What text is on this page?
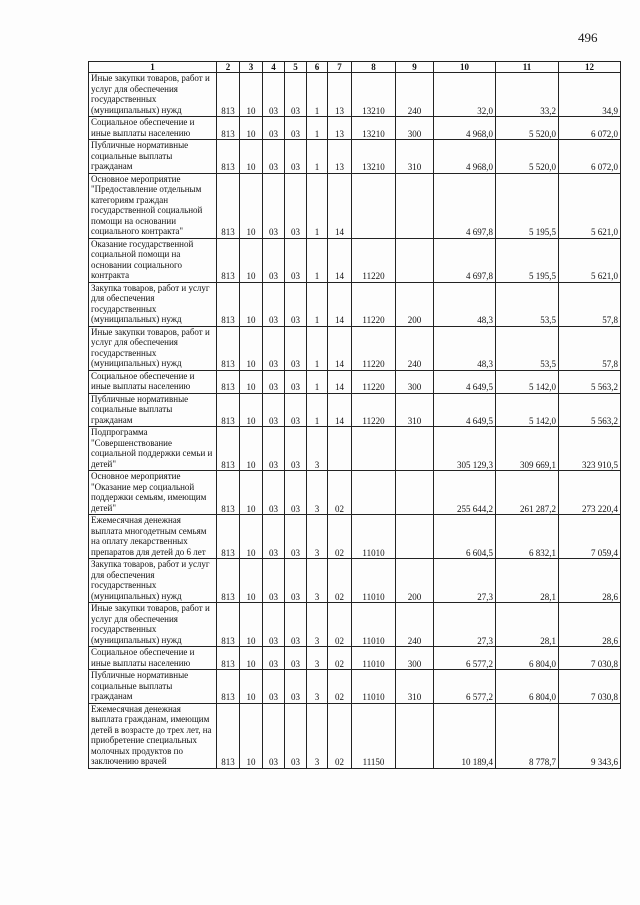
496
1	2	3	4	5	6	7	8	9	10	11	12
Иные закупки товаров, работ и услуг для обеспечения государственных (муниципальных) нужд	813	10	03	03	1	13	13210	240	32,0	33,2	34,9
Социальное обеспечение и иные выплаты населению	813	10	03	03	1	13	13210	300	4 968,0	5 520,0	6 072,0
Публичные нормативные социальные выплаты гражданам	813	10	03	03	1	13	13210	310	4 968,0	5 520,0	6 072,0
Основное мероприятие "Предоставление отдельным категориям граждан государственной социальной помощи на основании социального контракта"	813	10	03	03	1	14			4 697,8	5 195,5	5 621,0
Оказание государственной социальной помощи на основании социального контракта	813	10	03	03	1	14	11220		4 697,8	5 195,5	5 621,0
Закупка товаров, работ и услуг для обеспечения государственных (муниципальных) нужд	813	10	03	03	1	14	11220	200	48,3	53,5	57,8
Иные закупки товаров, работ и услуг для обеспечения государственных (муниципальных) нужд	813	10	03	03	1	14	11220	240	48,3	53,5	57,8
Социальное обеспечение и иные выплаты населению	813	10	03	03	1	14	11220	300	4 649,5	5 142,0	5 563,2
Публичные нормативные социальные выплаты гражданам	813	10	03	03	1	14	11220	310	4 649,5	5 142,0	5 563,2
Подпрограмма "Совершенствование социальной поддержки семьи и детей"	813	10	03	03	3				305 129,3	309 669,1	323 910,5
Основное мероприятие "Оказание мер социальной поддержки семьям, имеющим детей"	813	10	03	03	3	02			255 644,2	261 287,2	273 220,4
Ежемесячная денежная выплата многодетным семьям на оплату лекарственных препаратов для детей до 6 лет	813	10	03	03	3	02	11010		6 604,5	6 832,1	7 059,4
Закупка товаров, работ и услуг для обеспечения государственных (муниципальных) нужд	813	10	03	03	3	02	11010	200	27,3	28,1	28,6
Иные закупки товаров, работ и услуг для обеспечения государственных (муниципальных) нужд	813	10	03	03	3	02	11010	240	27,3	28,1	28,6
Социальное обеспечение и иные выплаты населению	813	10	03	03	3	02	11010	300	6 577,2	6 804,0	7 030,8
Публичные нормативные социальные выплаты гражданам	813	10	03	03	3	02	11010	310	6 577,2	6 804,0	7 030,8
Ежемесячная денежная выплата гражданам, имеющим детей в возрасте до трех лет, на приобретение специальных молочных продуктов по заключению врачей	813	10	03	03	3	02	11150		10 189,4	8 778,7	9 343,6
